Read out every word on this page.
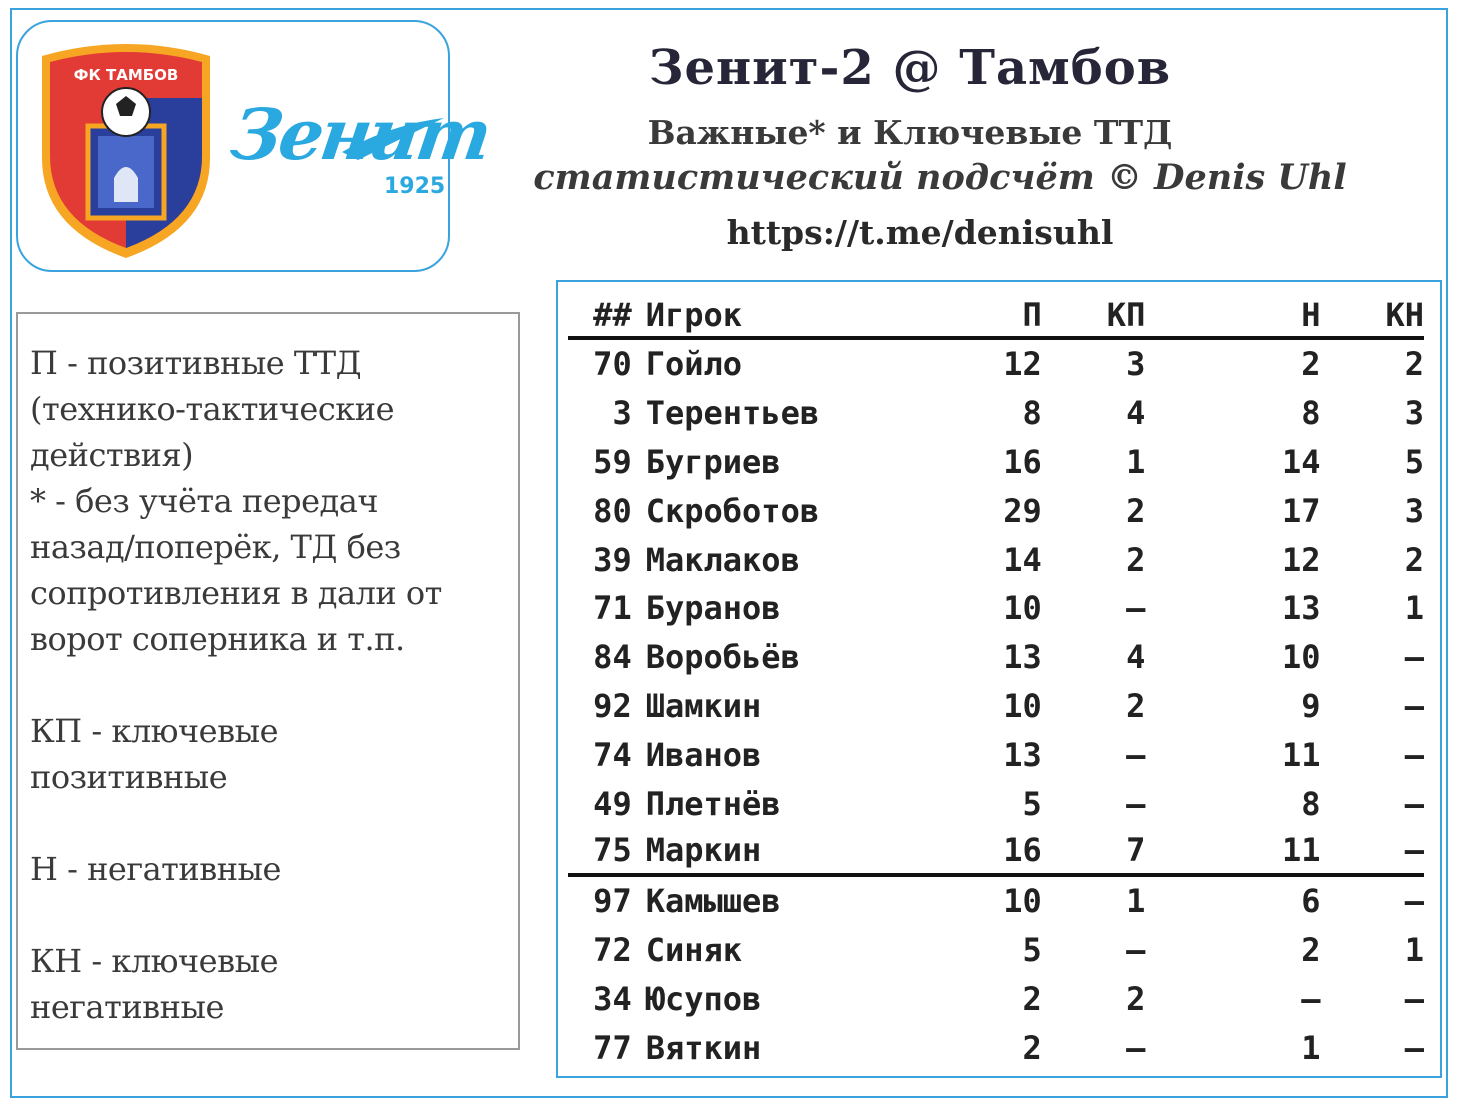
ФК ТАМБОВ
Зенит
1925
Зенит-2 @ Тамбов
Важные* и Ключевые ТТД
статистический подсчёт © Denis Uhl
https://t.me/denisuhl

П - позитивные ТТД

(технико-тактические

действия)

* - без учёта передач

назад/поперёк, ТД без

сопротивления в дали от

ворот соперника и т.п.

КП - ключевые

позитивные

Н - негативные

КН - ключевые

негативные

## Игрок	П	КП	Н	КН
70 Гойло	12	3	2	2
3 Терентьев	8	4	8	3
59 Бугриев	16	1	14	5
80 Скроботов	29	2	17	3
39 Маклаков	14	2	12	2
71 Буранов	10	–	13	1
84 Воробьёв	13	4	10	–
92 Шамкин	10	2	9	–
74 Иванов	13	–	11	–
49 Плетнёв	5	–	8	–
75 Маркин	16	7	11	–
97 Камышев	10	1	6	–
72 Синяк	5	–	2	1
34 Юсупов	2	2	–	–
77 Вяткин	2	–	1	–
